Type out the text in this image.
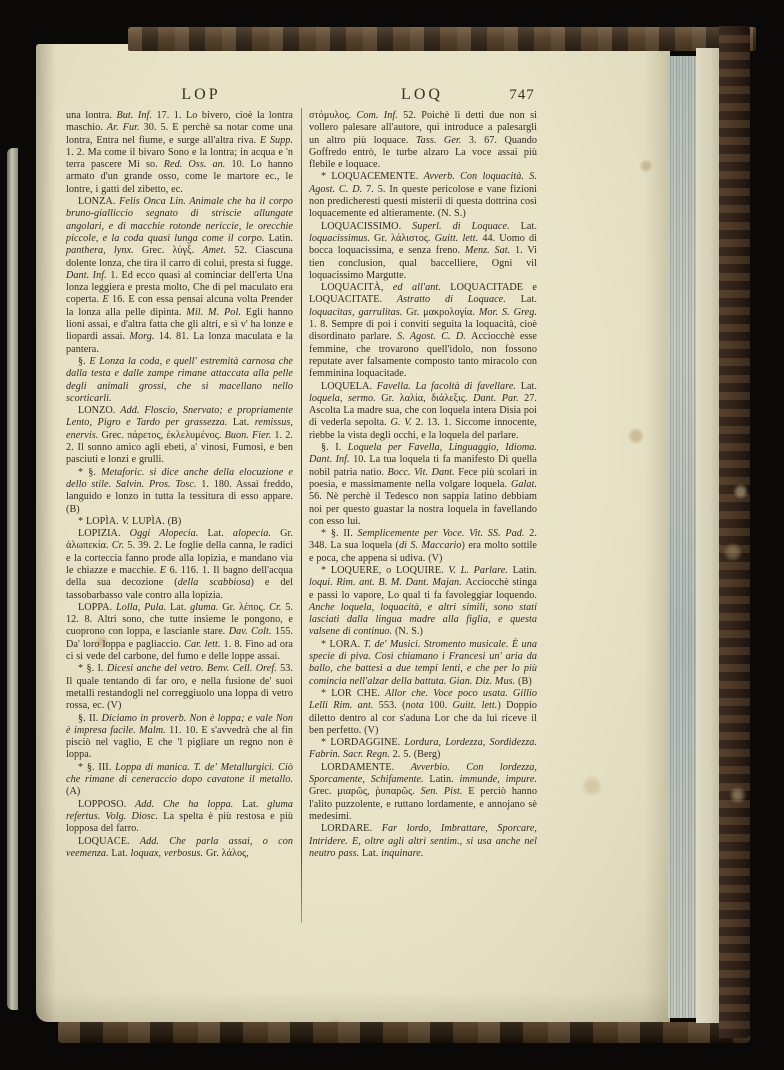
LOP	LOQ	747

una lontra. But. Inf. 17. 1. Lo bivero, cioè la lontra maschio. Ar. Fur. 30. 5. E perchè sa notar come una lontra, Entra nel fiume, e surge all'altra riva. E Supp. 1. 2. Ma come il bivaro Sono e la lontra; in acqua e 'n terra pascere Mi so. Red. Oss. an. 10. Lo hanno armato d'un grande osso, come le martore ec., le lontre, i gatti del zibetto, ec.

LONZA. Felis Onca Lin. Animale che ha il corpo bruno-gialliccio segnato di striscie allungate angolari, e di macchie rotonde nericcie, le orecchie piccole, e la coda quasi lunga come il corpo. Latin. panthera, lynx. Grec. λύγξ. Amet. 52. Ciascuna dolente lonza, che tira il carro di colui, presta si fugge. Dant. Inf. 1. Ed ecco quasi al cominciar dell'erta Una lonza leggiera e presta molto, Che di pel maculato era coperta. E 16. E con essa pensai alcuna volta Prender la lonza alla pelle dipinta. Mil. M. Pol. Egli hanno lioni assai, e d'altra fatta che gli altri, e sì v' ha lonze e liopardi assai. Morg. 14. 81. La lonza maculata e la pantera.

§. E Lonza la coda, e quell' estremità carnosa che dalla testa e dalle zampe rimane attaccata alla pelle degli animali grossi, che si macellano nello scorticarli.

LONZO. Add. Floscio, Snervato; e propriamente Lento, Pigro e Tardo per grassezza. Lat. remissus, enervis. Grec. πάρετος, ἐκλελυμένος. Buon. Fier. 1. 2. 2. Il sonno amico agli ebeti, a' vinosi, Fumosi, e ben pasciuti e lonzi e grulli.

* §. Metaforic. si dice anche della elocuzione e dello stile. Salvin. Pros. Tosc. 1. 180. Assai freddo, languido e lonzo in tutta la tessitura di esso appare. (B)

* LOPÌA. V. LUPÌA. (B)

LOPIZIA. Oggi Alopecia. Lat. alopecia. Gr. ἀλωπεκία. Cr. 5. 39. 2. Le foglie della canna, le radici e la corteccia fanno prode alla lopizia, e mandano via le chiazze e macchie. E 6. 116. 1. Il bagno dell'acqua della sua decozione (della scabbiosa) e del tassobarbasso vale contro alla lopizia.

LOPPA. Lolla, Pula. Lat. gluma. Gr. λέπος. Cr. 5. 12. 8. Altri sono, che tutte insieme le pongono, e cuoprono con loppa, e lascianle stare. Dav. Colt. 155. Da' loro loppa e pagliaccio. Car. lett. 1. 8. Fino ad ora ci si vede del carbone, del fumo e delle loppe assai.

* §. I. Dicesi anche del vetro. Benv. Cell. Oref. 53. Il quale tentando di far oro, e nella fusione de' suoi metalli restandogli nel correggiuolo una loppa di vetro rossa, ec. (V)

§. II. Diciamo in proverb. Non è loppa; e vale Non è impresa facile. Malm. 11. 10. E s'avvedrà che al fin pisciò nel vaglio, E che 'l pigliare un regno non è loppa.

* §. III. Loppa di manica. T. de' Metallurgici. Ciò che rimane di ceneraccio dopo cavatone il metallo. (A)

LOPPOSO. Add. Che ha loppa. Lat. gluma refertus. Volg. Diosc. La spelta è più restosa e più lopposa del farro.

LOQUACE. Add. Che parla assai, o con veemenza. Lat. loquax, verbosus. Gr. λάλος,

στόμυλος. Com. Inf. 52. Poichè li detti due non si vollero palesare all'autore, qui introduce a palesargli un altro più loquace. Tass. Ger. 3. 67. Quando Goffredo entrò, le turbe alzaro La voce assai più flebile e loquace.

* LOQUACEMENTE. Avverb. Con loquacità. S. Agost. C. D. 7. 5. In queste pericolose e vane fizioni non predicheresti questi misterii di questa dottrina così loquacemente ed altieramente. (N. S.)

LOQUACISSIMO. Superl. di Loquace. Lat. loquacissimus. Gr. λάλιστος. Guitt. lett. 44. Uomo di bocca loquacissima, e senza freno. Menz. Sat. 1. Vi tien conclusion, qual baccelliere, Ogni vil loquacissimo Margutte.

LOQUACITÀ, ed all'ant. LOQUACITADE e LOQUACITATE. Astratto di Loquace. Lat. loquacitas, garrulitas. Gr. μακρολογία. Mor. S. Greg. 1. 8. Sempre di poi i conviti seguita la loquacità, cioè disordinato parlare. S. Agost. C. D. Acciocchè esse femmine, che trovarono quell'idolo, non fossono reputate aver falsamente composto tanto miracolo con femminina loquacitade.

LOQUELA. Favella. La facoltà di favellare. Lat. loquela, sermo. Gr. λαλία, διάλεξις. Dant. Par. 27. Ascolta La madre sua, che con loquela intera Disia poi di vederla sepolta. G. V. 2. 13. 1. Siccome innocente, riebbe la vista degli occhi, e la loquela del parlare.

§. I. Loquela per Favella, Linguaggio, Idioma. Dant. Inf. 10. La tua loquela ti fa manifesto Di quella nobil patria natìo. Bocc. Vit. Dant. Fece più scolari in poesia, e massimamente nella volgare loquela. Galat. 56. Nè perchè il Tedesco non sappia latino debbiam noi per questo guastar la nostra loquela in favellando con esso lui.

* §. II. Semplicemente per Voce. Vit. SS. Pad. 2. 348. La sua loquela (di S. Maccario) era molto sottile e poca, che appena si udiva. (V)

* LOQUERE, o LOQUIRE. V. L. Parlare. Latin. loqui. Rim. ant. B. M. Dant. Majan. Acciocchè stinga e passi lo vapore, Lo qual ti fa favoleggiar loquendo. Anche loquela, loquacità, e altri simili, sono stati lasciati dalla lingua madre alla figlia, e questa valsene di continuo. (N. S.)

* LORA. T. de' Musici. Stromento musicale. È una specie di piva. Così chiamano i Francesi un' aria da ballo, che battesi a due tempi lenti, e che per lo più comincia nell'alzar della battuta. Gian. Diz. Mus. (B)

* LOR CHE. Allor che. Voce poco usata. Gillio Lelli Rim. ant. 553. (nota 100. Guitt. lett.) Doppio diletto dentro al cor s'aduna Lor che da lui riceve il ben perfetto. (V)

* LORDAGGINE. Lordura, Lordezza, Sordidezza. Fabrin. Sacr. Regn. 2. 5. (Berg)

LORDAMENTE. Avverbio. Con lordezza, Sporcamente, Schifamente. Latin. immunde, impure. Grec. μιαρῶς, ῥυπαρῶς. Sen. Pist. E perciò hanno l'alito puzzolente, e ruttano lordamente, e annojano sè medesimi.

LORDARE. Far lordo, Imbrattare, Sporcare, Intridere. E, oltre agli altri sentim., si usa anche nel neutro pass. Lat. inquinare.
